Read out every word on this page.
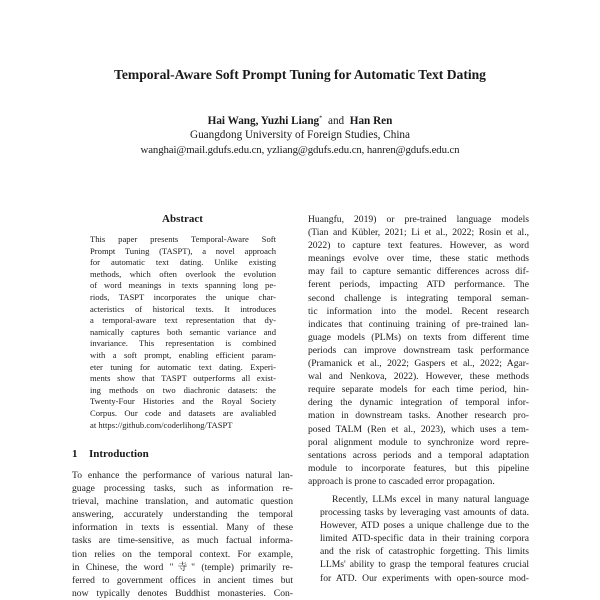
Temporal-Aware Soft Prompt Tuning for Automatic Text Dating
Hai Wang, Yuzhi Liang* and Han Ren
Guangdong University of Foreign Studies, China
wanghai@mail.gdufs.edu.cn, yzliang@gdufs.edu.cn, hanren@gdufs.edu.cn
Abstract
This paper presents Temporal-Aware Soft
Prompt Tuning (TASPT), a novel approach
for automatic text dating. Unlike existing
methods, which often overlook the evolution
of word meanings in texts spanning long pe-
riods, TASPT incorporates the unique char-
acteristics of historical texts. It introduces
a temporal-aware text representation that dy-
namically captures both semantic variance and
invariance. This representation is combined
with a soft prompt, enabling efficient param-
eter tuning for automatic text dating. Experi-
ments show that TASPT outperforms all exist-
ing methods on two diachronic datasets: the
Twenty-Four Histories and the Royal Society
Corpus. Our code and datasets are avaliabled
at https://github.com/coderlihong/TASPT
1 Introduction
To enhance the performance of various natural lan-
guage processing tasks, such as information re-
trieval, machine translation, and automatic question
answering, accurately understanding the temporal
information in texts is essential. Many of these
tasks are time-sensitive, as much factual informa-
tion relies on the temporal context. For example,
in Chinese, the word "寺" (temple) primarily re-
ferred to government offices in ancient times but
now typically denotes Buddhist monasteries. Con-
Huangfu, 2019) or pre-trained language models
(Tian and Kübler, 2021; Li et al., 2022; Rosin et al.,
2022) to capture text features. However, as word
meanings evolve over time, these static methods
may fail to capture semantic differences across dif-
ferent periods, impacting ATD performance. The
second challenge is integrating temporal seman-
tic information into the model. Recent research
indicates that continuing training of pre-trained lan-
guage models (PLMs) on texts from different time
periods can improve downstream task performance
(Pramanick et al., 2022; Gaspers et al., 2022; Agar-
wal and Nenkova, 2022). However, these methods
require separate models for each time period, hin-
dering the dynamic integration of temporal infor-
mation in downstream tasks. Another research pro-
posed TALM (Ren et al., 2023), which uses a tem-
poral alignment module to synchronize word repre-
sentations across periods and a temporal adaptation
module to incorporate features, but this pipeline
approach is prone to cascaded error propagation.
Recently, LLMs excel in many natural language
processing tasks by leveraging vast amounts of data.
However, ATD poses a unique challenge due to the
limited ATD-specific data in their training corpora
and the risk of catastrophic forgetting. This limits
LLMs' ability to grasp the temporal features crucial
for ATD. Our experiments with open-source mod-
